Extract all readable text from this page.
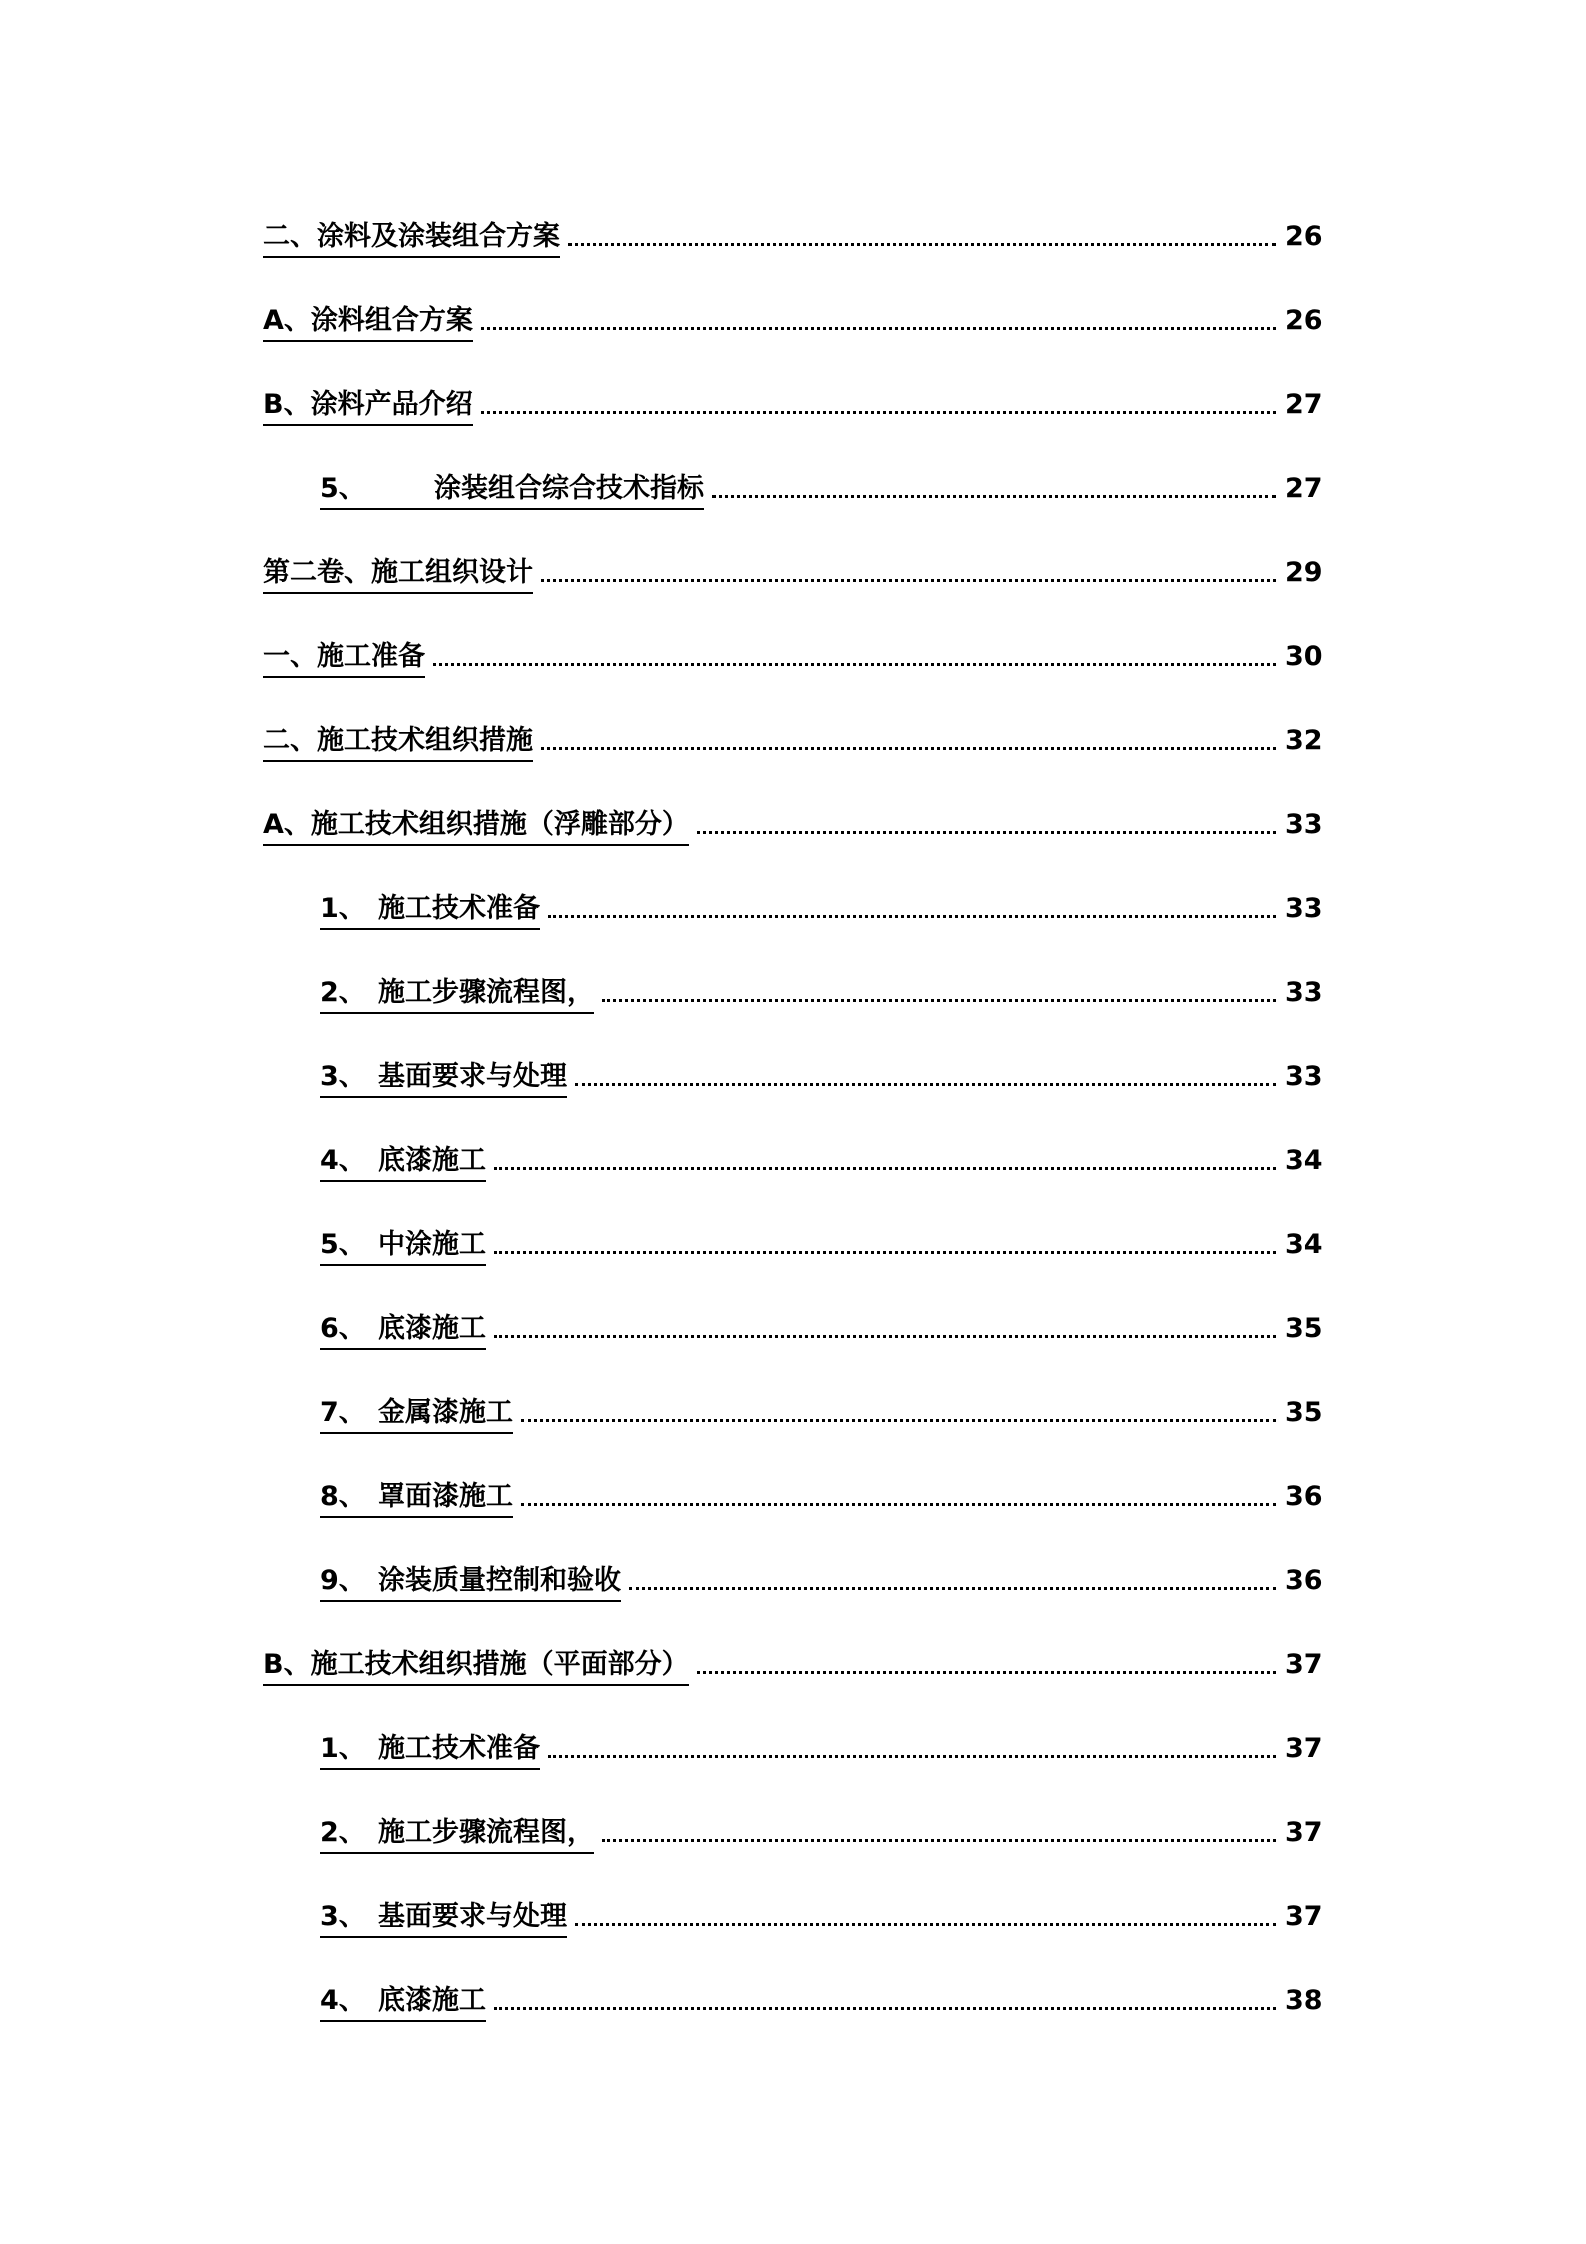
二、涂料及涂装组合方案	26
A、涂料组合方案	26
B、涂料产品介绍	27
5、	涂装组合综合技术指标	27
第二卷、施工组织设计	29
一、施工准备	30
二、施工技术组织措施	32
A、施工技术组织措施（浮雕部分）	33
1、 施工技术准备	33
2、 施工步骤流程图，	33
3、 基面要求与处理	33
4、 底漆施工	34
5、 中涂施工	34
6、 底漆施工	35
7、 金属漆施工	35
8、 罩面漆施工	36
9、 涂装质量控制和验收	36
B、施工技术组织措施（平面部分）	37
1、 施工技术准备	37
2、 施工步骤流程图，	37
3、 基面要求与处理	37
4、 底漆施工	38
